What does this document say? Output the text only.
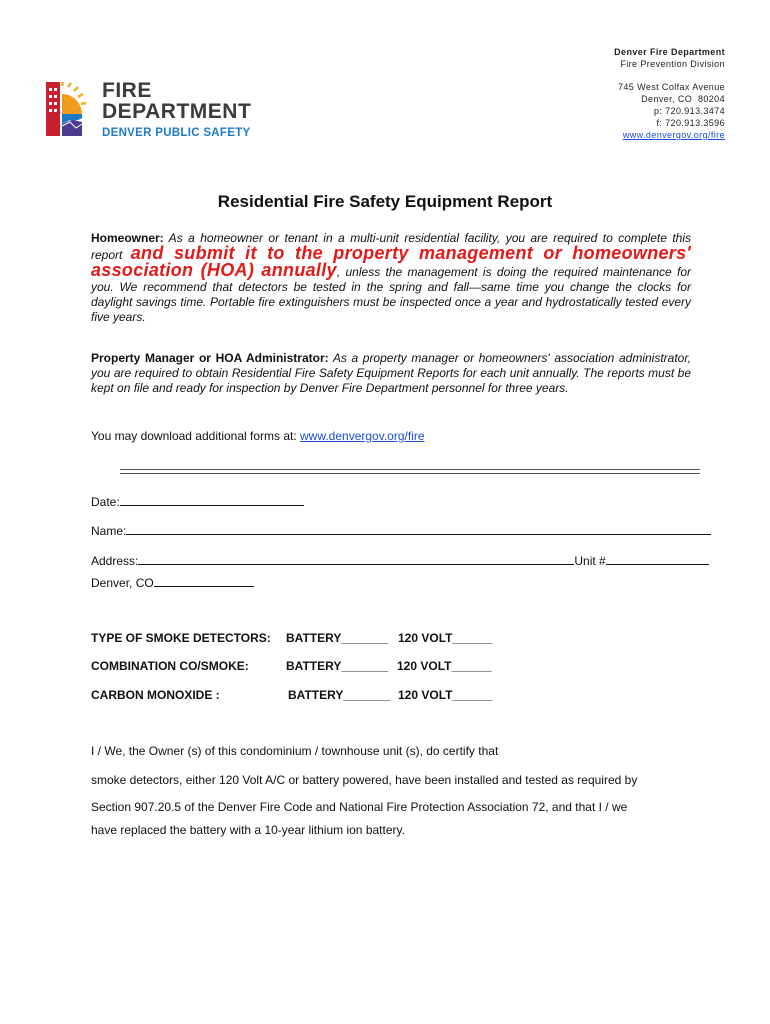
FIRE
DEPARTMENT
DENVER PUBLIC SAFETY
Denver Fire Department
Fire Prevention Division
745 West Colfax Avenue
Denver, CO  80204
p: 720.913.3474
f: 720.913.3596
www.denvergov.org/fire
Residential Fire Safety Equipment Report
Homeowner: As a homeowner or tenant in a multi-unit residential facility, you are required to complete this report and submit it to the property management or homeowners' association (HOA) annually, unless the management is doing the required maintenance for you. We recommend that detectors be tested in the spring and fall—same time you change the clocks for daylight savings time. Portable fire extinguishers must be inspected once a year and hydrostatically tested every five years.
Property Manager or HOA Administrator: As a property manager or homeowners' association administrator, you are required to obtain Residential Fire Safety Equipment Reports for each unit annually. The reports must be kept on file and ready for inspection by Denver Fire Department personnel for three years.
You may download additional forms at: www.denvergov.org/fire
Date:
Name:
Address:	Unit #
Denver, CO
TYPE OF SMOKE DETECTORS: BATTERY_______ 120 VOLT______
COMBINATION CO/SMOKE:	BATTERY_______ 120 VOLT______
CARBON MONOXIDE :	BATTERY_______ 120 VOLT______
I / We, the Owner (s) of this condominium / townhouse unit (s), do certify that
smoke detectors, either 120 Volt A/C or battery powered, have been installed and tested as required by
Section 907.20.5 of the Denver Fire Code and National Fire Protection Association 72, and that I / we
have replaced the battery with a 10-year lithium ion battery.
